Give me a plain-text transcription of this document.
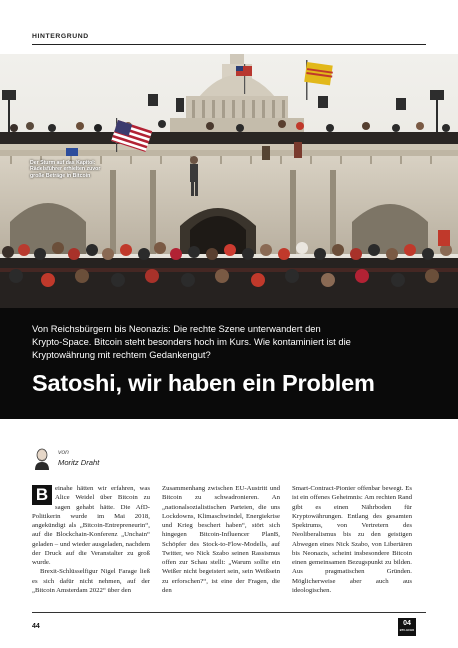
HINTERGRUND
Der Sturm auf das Kapitol: Rädelsführer erhielten zuvor große Beträge in Bitcoin
Von Reichsbürgern bis Neonazis: Die rechte Szene unterwandert den Krypto-Space. Bitcoin steht besonders hoch im Kurs. Wie kontaminiert ist die Kryptowährung mit rechtem Gedankengut?
Satoshi, wir haben ein Problem
von
Moritz Draht

B	einahe hätten wir erfahren, was Alice Weidel über Bitcoin zu sagen gehabt hätte. Die AfD-Politikerin wurde im Mai 2018, angekündigt als „Bitcoin-Entrepreneurin“, auf die Blockchain-Konferenz „Unchain“ geladen – und wieder ausgeladen, nachdem der Druck auf die Veranstalter zu groß wurde.

Brexit-Schlüsselfigur Nigel Farage ließ es sich dafür nicht nehmen, auf der „Bitcoin Amsterdam 2022“ über den

Zusammenhang zwischen EU-Austritt und Bitcoin zu schwadronieren. An „nationalsozialistischen Parteien, die uns Lockdowns, Klimaschwindel, Energiekrise und Krieg beschert haben“, stört sich hingegen Bitcoin-Influencer PlanB, Schöpfer des Stock-to-Flow-Modells, auf Twitter, wo Nick Szabo seinen Rassismus offen zur Schau stellt: „Warum sollte ein Weißer nicht begeistert sein, sein Weißsein zu erforschen?“, ist eine der Fragen, die den

Smart-Contract-Pionier offenbar bewegt. Es ist ein offenes Geheimnis: Am rechten Rand gibt es einen Nährboden für Kryptowährungen. Entlang des gesamten Spektrums, von Vertretern des Neoliberalismus bis zu den geistigen Abwegen eines Nick Szabo, von Libertären bis Neonazis, scheint insbesondere Bitcoin einen gemeinsamen Bezugspunkt zu bilden. Aus pragmatischen Gründen. Möglicherweise aber auch aus ideologischen.

44	04
BTC-ECHO
